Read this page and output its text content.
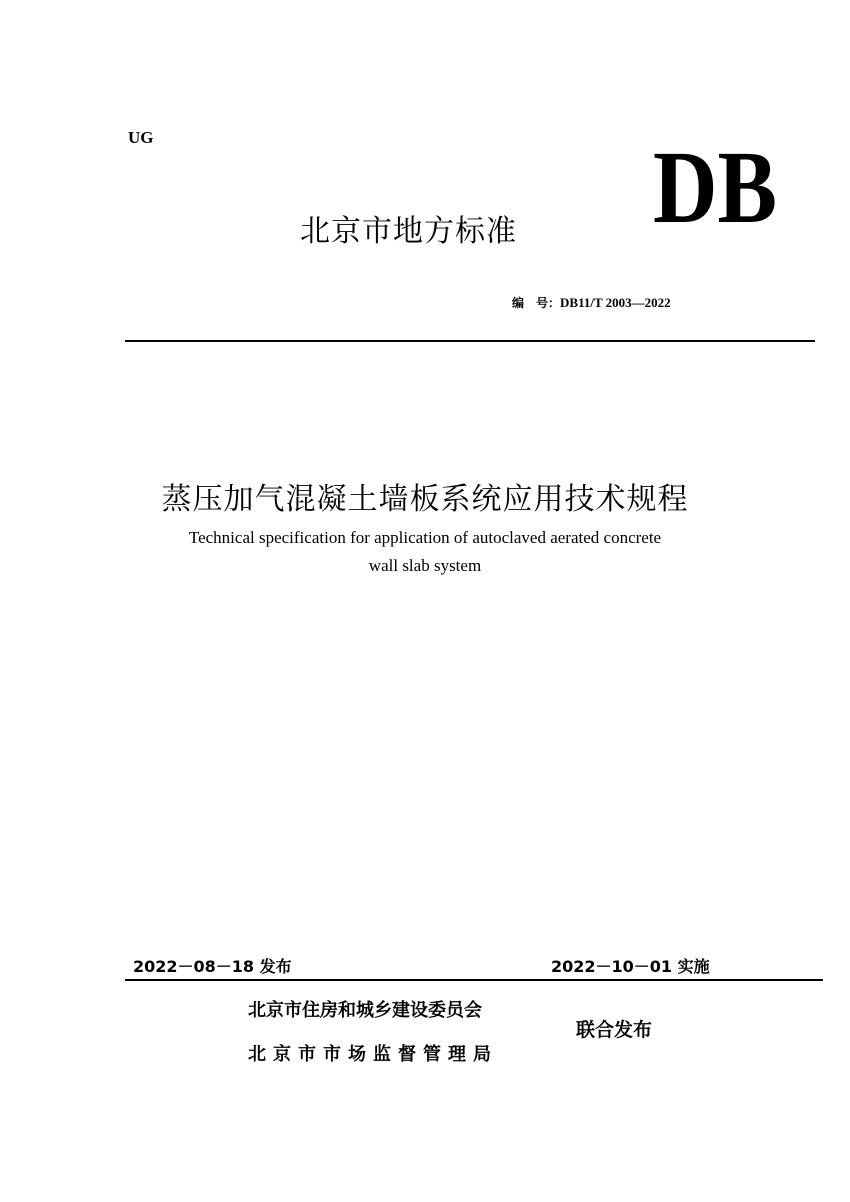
UG	DB
北京市地方标准
编　号：DB11/T 2003—2022
蒸压加气混凝土墙板系统应用技术规程
Technical specification for application of autoclaved aerated concrete
wall slab system
2022－08－18 发布	2022－10－01 实施
北京市住房和城乡建设委员会
北京市市场监督管理局
联合发布
